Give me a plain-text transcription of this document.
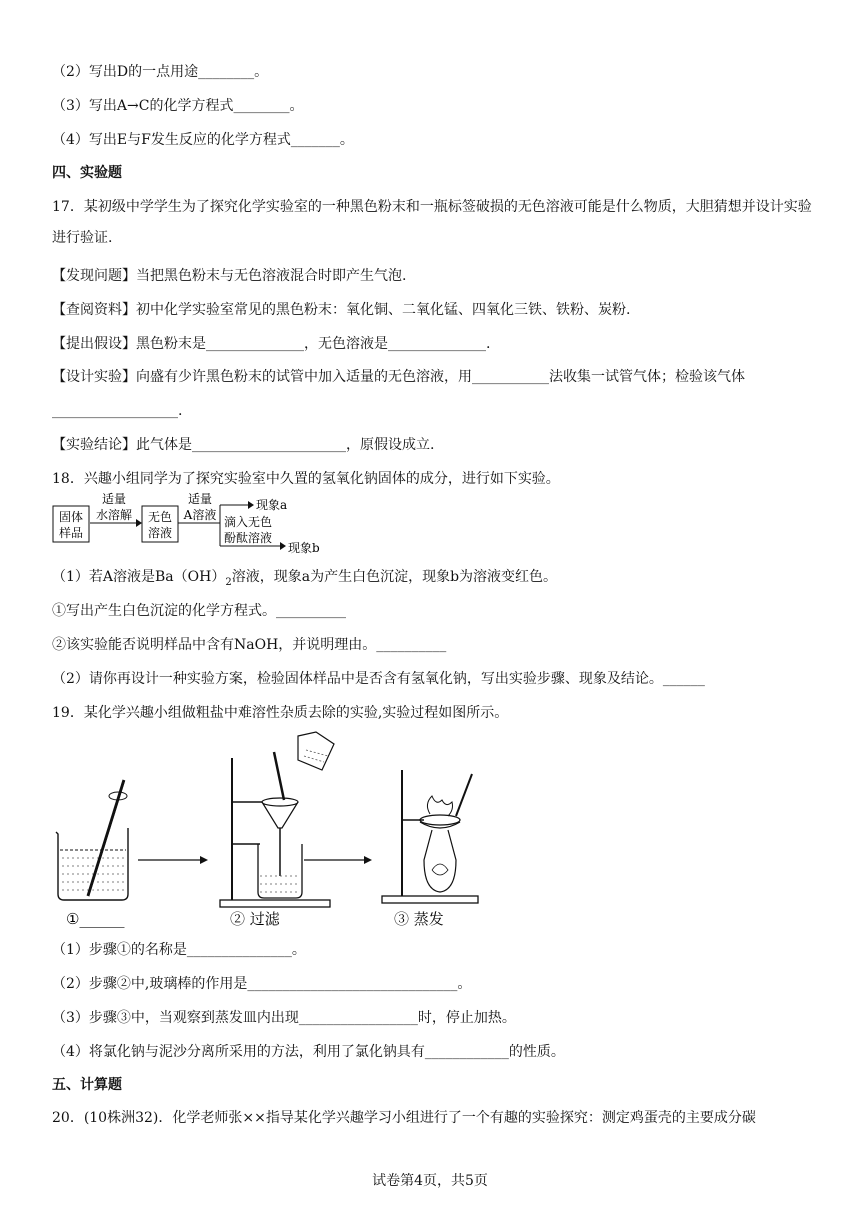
（2）写出D的一点用途________。
（3）写出A→C的化学方程式________。
（4）写出E与F发生反应的化学方程式_______。
四、实验题
17．某初级中学学生为了探究化学实验室的一种黑色粉末和一瓶标签破损的无色溶液可能是什么物质，大胆猜想并设计实验进行验证.
【发现问题】当把黑色粉末与无色溶液混合时即产生气泡.
【查阅资料】初中化学实验室常见的黑色粉末：氧化铜、二氧化锰、四氧化三铁、铁粉、炭粉.
【提出假设】黑色粉末是______________，无色溶液是______________.
【设计实验】向盛有少许黑色粉末的试管中加入适量的无色溶液，用___________法收集一试管气体；检验该气体
__________________.
【实验结论】此气体是______________________，原假设成立.
18．兴趣小组同学为了探究实验室中久置的氢氧化钠固体的成分，进行如下实验。
固体
样品
适量
水溶解 无色
溶液
适量
A溶液
现象a
滴入无色
酚酞溶液
现象b
（1）若A溶液是$Ba(OH)_2$溶液，现象a为产生白色沉淀，现象b为溶液变红色。
①写出产生白色沉淀的化学方程式。__________
②该实验能否说明样品中含有NaOH，并说明理由。__________
（2）请你再设计一种实验方案，检验固体样品中是否含有氢氧化钠，写出实验步骤、现象及结论。______
19．某化学兴趣小组做粗盐中难溶性杂质去除的实验,实验过程如图所示。
①______	② 过滤	③ 蒸发
（1）步骤①的名称是_______________。
（2）步骤②中,玻璃棒的作用是______________________________。
（3）步骤③中，当观察到蒸发皿内出现_________________时，停止加热。
（4）将氯化钠与泥沙分离所采用的方法，利用了氯化钠具有____________的性质。
五、计算题
20．(10株洲32)．化学老师张××指导某化学兴趣学习小组进行了一个有趣的实验探究：测定鸡蛋壳的主要成分碳
试卷第4页，共5页
